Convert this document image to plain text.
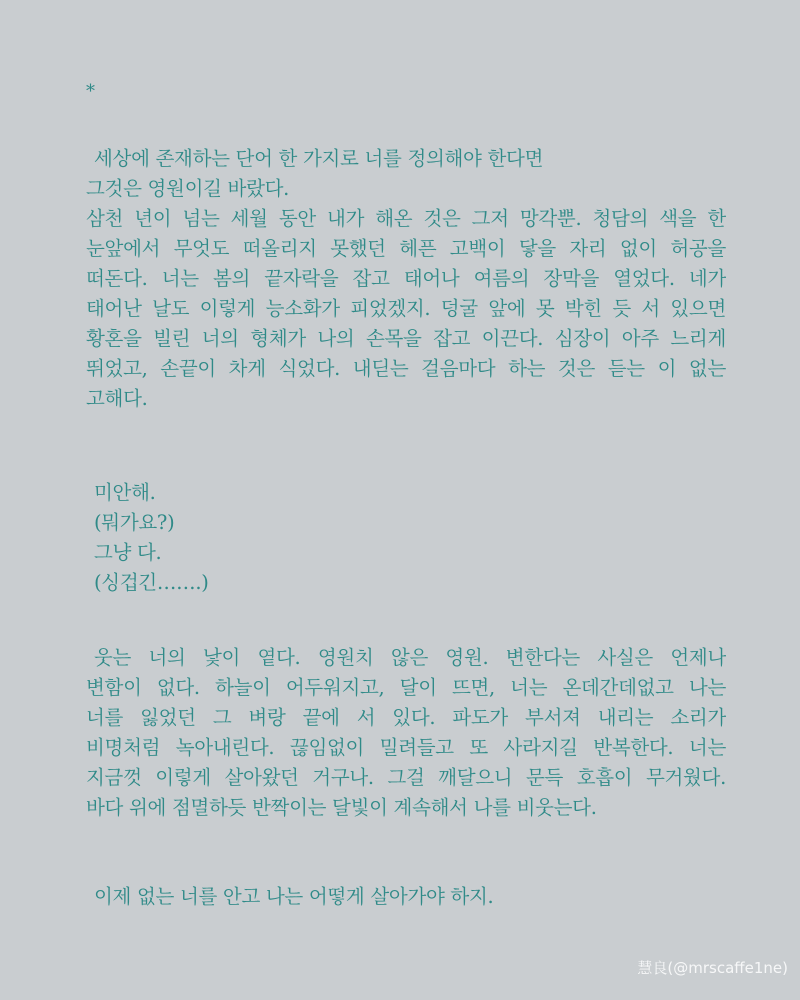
*
세상에 존재하는 단어 한 가지로 너를 정의해야 한다면
그것은 영원이길 바랐다.
삼천 년이 넘는 세월 동안 내가 해온 것은 그저 망각뿐. 청담의 색을 한
눈앞에서 무엇도 떠올리지 못했던 헤픈 고백이 닿을 자리 없이 허공을
떠돈다. 너는 봄의 끝자락을 잡고 태어나 여름의 장막을 열었다. 네가
태어난 날도 이렇게 능소화가 피었겠지. 덩굴 앞에 못 박힌 듯 서 있으면
황혼을 빌린 너의 형체가 나의 손목을 잡고 이끈다. 심장이 아주 느리게
뛰었고, 손끝이 차게 식었다. 내딛는 걸음마다 하는 것은 듣는 이 없는
고해다.
미안해.
(뭐가요?)
그냥 다.
(싱겁긴…….)
웃는 너의 낯이 옅다. 영원치 않은 영원. 변한다는 사실은 언제나
변함이 없다. 하늘이 어두워지고, 달이 뜨면, 너는 온데간데없고 나는
너를 잃었던 그 벼랑 끝에 서 있다. 파도가 부서져 내리는 소리가
비명처럼 녹아내린다. 끊임없이 밀려들고 또 사라지길 반복한다. 너는
지금껏 이렇게 살아왔던 거구나. 그걸 깨달으니 문득 호흡이 무거웠다.
바다 위에 점멸하듯 반짝이는 달빛이 계속해서 나를 비웃는다.
이제 없는 너를 안고 나는 어떻게 살아가야 하지.
慧良(@mrscaffe1ne)
